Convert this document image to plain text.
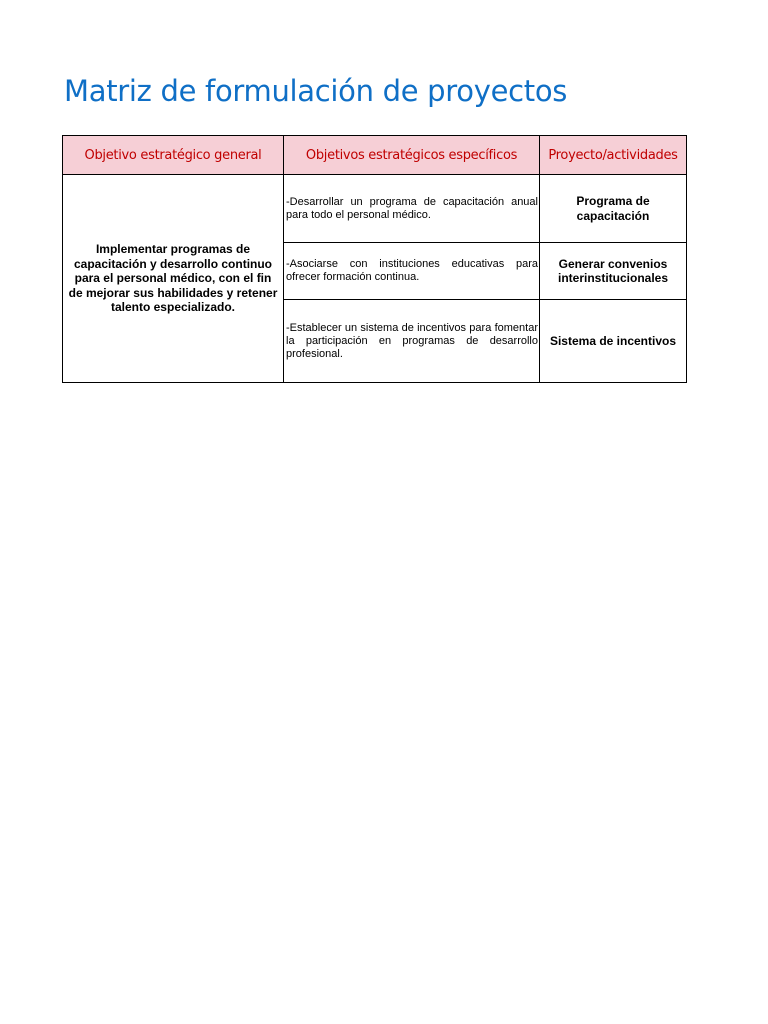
Matriz de formulación de proyectos
Objetivo estratégico general	Objetivos estratégicos específicos	Proyecto/actividades
Implementar programas de capacitación y desarrollo continuo para el personal médico, con el fin de mejorar sus habilidades y retener talento especializado.	-Desarrollar un programa de capacitación anual para todo el personal médico.	Programa de capacitación
	-Asociarse con instituciones educativas para ofrecer formación continua.	Generar convenios interinstitucionales
	-Establecer un sistema de incentivos para fomentar la participación en programas de desarrollo profesional.	Sistema de incentivos
